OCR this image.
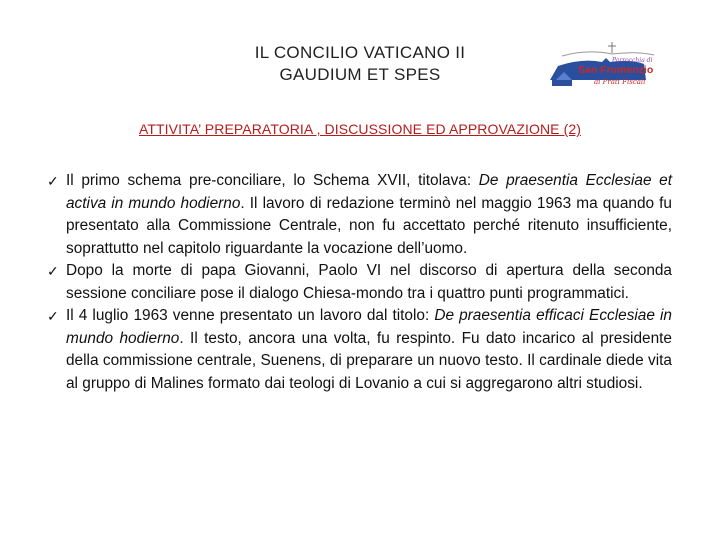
IL CONCILIO VATICANO II
GAUDIUM ET SPES
Parrocchia di
San Frumenzio
ai Prati Fiscali
ATTIVITA’ PREPARATORIA , DISCUSSIONE ED APPROVAZIONE (2)
✓ Il primo schema pre-conciliare, lo Schema XVII, titolava: De praesentia Ecclesiae et activa in mundo hodierno. Il lavoro di redazione terminò nel maggio 1963 ma quando fu presentato alla Commissione Centrale, non fu accettato perché ritenuto insufficiente, soprattutto nel capitolo riguardante la vocazione dell’uomo.
✓ Dopo la morte di papa Giovanni, Paolo VI nel discorso di apertura della seconda sessione conciliare pose il dialogo Chiesa-mondo tra i quattro punti programmatici.
✓ Il 4 luglio 1963 venne presentato un lavoro dal titolo: De praesentia efficaci Ecclesiae in mundo hodierno. Il testo, ancora una volta, fu respinto. Fu dato incarico al presidente della commissione centrale, Suenens, di preparare un nuovo testo. Il cardinale diede vita al gruppo di Malines formato dai teologi di Lovanio a cui si aggregarono altri studiosi.
